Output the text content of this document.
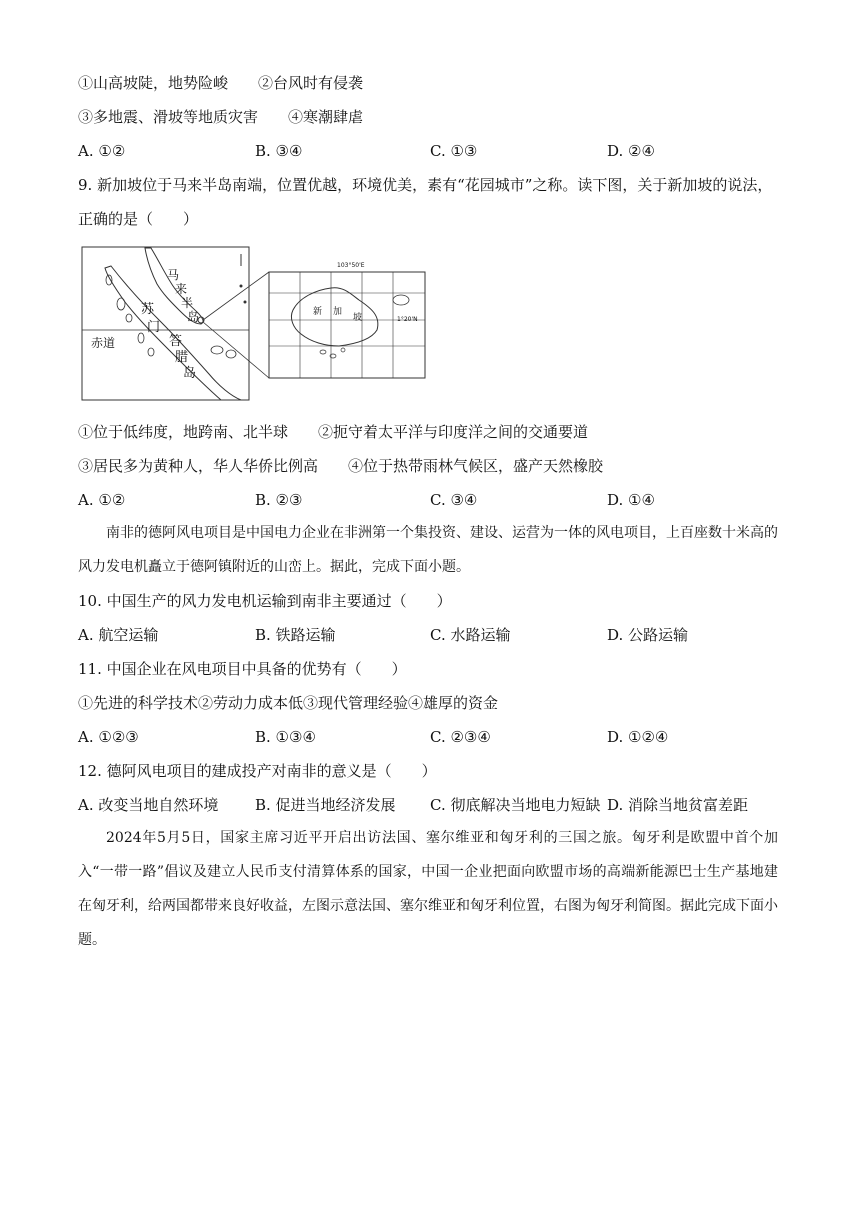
①山高坡陡，地势险峻　　②台风时有侵袭
③多地震、滑坡等地质灾害　　④寒潮肆虐
A. ①②	B. ③④	C. ①③	D. ②④
9. 新加坡位于马来半岛南端，位置优越，环境优美，素有“花园城市”之称。读下图，关于新加坡的说法，
正确的是（　　）
马
来
半
岛
苏
门
答
腊
岛
赤道
103°50'E
1°20'N
新 加
坡
①位于低纬度，地跨南、北半球　　②扼守着太平洋与印度洋之间的交通要道
③居民多为黄种人，华人华侨比例高　　④位于热带雨林气候区，盛产天然橡胶
A. ①②	B. ②③	C. ③④	D. ①④
南非的德阿风电项目是中国电力企业在非洲第一个集投资、建设、运营为一体的风电项目，上百座数十米高的风力发电机矗立于德阿镇附近的山峦上。据此，完成下面小题。
10. 中国生产的风力发电机运输到南非主要通过（　　）
A. 航空运输	B. 铁路运输	C. 水路运输	D. 公路运输
11. 中国企业在风电项目中具备的优势有（　　）
①先进的科学技术②劳动力成本低③现代管理经验④雄厚的资金
A. ①②③	B. ①③④	C. ②③④	D. ①②④
12. 德阿风电项目的建成投产对南非的意义是（　　）
A. 改变当地自然环境 B. 促进当地经济发展 C. 彻底解决当地电力短缺 D. 消除当地贫富差距
2024年5月5日，国家主席习近平开启出访法国、塞尔维亚和匈牙利的三国之旅。匈牙利是欧盟中首个加入“一带一路”倡议及建立人民币支付清算体系的国家，中国一企业把面向欧盟市场的高端新能源巴士生产基地建在匈牙利，给两国都带来良好收益，左图示意法国、塞尔维亚和匈牙利位置，右图为匈牙利简图。据此完成下面小题。
